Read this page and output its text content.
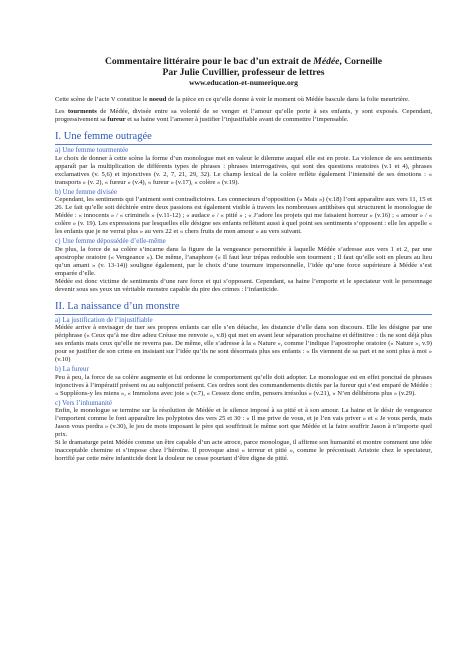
Commentaire littéraire pour le bac d’un extrait de Médée, Corneille
Par Julie Cuvillier, professeur de lettres
www.education-et-numerique.org

Cette scène de l’acte V constitue le noeud de la pièce en ce qu’elle donne à voir le moment où Médée bascule dans la folie meurtrière.

Les tourments de Médée, divisée entre sa volonté de se venger et l’amour qu’elle porte à ses enfants, y sont exposés. Cependant, progressivement sa fureur et sa haine vont l’amener à justifier l’injustifiable avant de commettre l’impensable.

I. Une femme outragée
a) Une femme tourmentée

Le choix de donner à cette scène la forme d’un monologue met en valeur le dilemme auquel elle est en proie. La violence de ses sentiments apparaît par la multiplication de différents types de phrases : phrases interrogatives, qui sont des questions oratoires (v.1 et 4), phrases exclamatives (v. 5,6) et injonctives (v. 2, 7, 21, 29, 32). Le champ lexical de la colère reflète également l’intensité de ses émotions : « transports » (v. 2), « fureur » (v.4), « fureur » (v.17), « colère » (v.19).

b) Une femme divisée

Cependant, les sentiments qui l’animent sont contradictoires. Les connecteurs d’opposition (« Mais ») (v.18) l’ont apparaître aux vers 11, 15 et 26. Le fait qu’elle soit déchirée entre deux passions est également visible à travers les nombreuses antithèses qui structurent le monologue de Médée : « innocents » / « criminels » (v.11-12) ; « audace » / « pitié » ; « J’adore les projets qui me faisaient horreur » (v.16) ; « amour » / « colère » (v. 19). Les expressions par lesquelles elle désigne ses enfants reflètent aussi à quel point ses sentiments s’opposent : elle les appelle « les enfants que je ne verrai plus » au vers 22 et « chers fruits de mon amour » au vers suivant.

c) Une femme dépossédée d’elle-même

De plus, la force de sa colère s’incarne dans la figure de la vengeance personnifiée à laquelle Médée s’adresse aux vers 1 et 2, par une apostrophe oratoire (« Vengeance »). De même, l’anaphore (« Il faut leur trépas redouble son tourment ; Il faut qu’elle soit en pleurs au lieu qu’un amant » (v. 13-14)) souligne également, par le choix d’une tournure impersonnelle, l’idée qu’une force supérieure à Médée s’est emparée d’elle.

Médée est donc victime de sentiments d’une rare force et qui s’opposent. Cependant, sa haine l’emporte et le spectateur voit le personnage devenir sous ses yeux un véritable monstre capable du pire des crimes : l’infanticide.

II. La naissance d’un monstre
a) La justification de l’injustifiable

Médée arrive à envisager de tuer ses propres enfants car elle s’en détache, les distancie d’elle dans son discours. Elle les désigne par une périphrase (« Ceux qu’à me dire adieu Créuse me renvoie », v.8) qui met en avant leur séparation prochaine et définitive : ils ne sont déjà plus ses enfants mais ceux qu’elle ne reverra pas. De même, elle s’adresse à la « Nature », comme l’indique l’apostrophe oratoire (« Nature », v.9) pour se justifier de son crime en insistant sur l’idée qu’ils ne sont désormais plus ses enfants : « Ils viennent de sa part et ne sont plus à moi » (v.10)

b) La fureur

Peu à peu, la force de sa colère augmente et lui ordonne le comportement qu’elle doit adopter. Le monologue est en effet ponctué de phrases injonctives à l’impératif présent ou au subjonctif présent. Ces ordres sont des commandements dictés par la fureur qui s’est emparé de Médée : « Suppléons-y les miens », « Immolons avec joie » (v.7), « Cessez donc enfin, pensers irrésolus » (v.21), « N’en délibérons plus » (v.29).

c) Vers l’inhumanité

Enfin, le monologue se termine sur la résolution de Médée et le silence imposé à sa pitié et à son amour. La haine et le désir de vengeance l’emportent comme le font apparaître les polyptotes des vers 25 et 30 : « Il me prive de vous, et je l’en vais priver » et « Je vous perds, mais Jason vous perdra » (v.30), le jeu de mots imposant le père qui souffrirait le même sort que Médée et la faire souffrir Jason à n’importe quel prix.

Si le dramaturge peint Médée comme un être capable d’un acte atroce, parce monologue, il affirme son humanité et montre comment une idée inacceptable chemine et s’impose chez l’héroïne. Il provoque ainsi « terreur et pitié », comme le préconisait Aristote chez le spectateur, horrifié par cette mère infanticide dont la douleur ne cesse pourtant d’être digne de pitié.
